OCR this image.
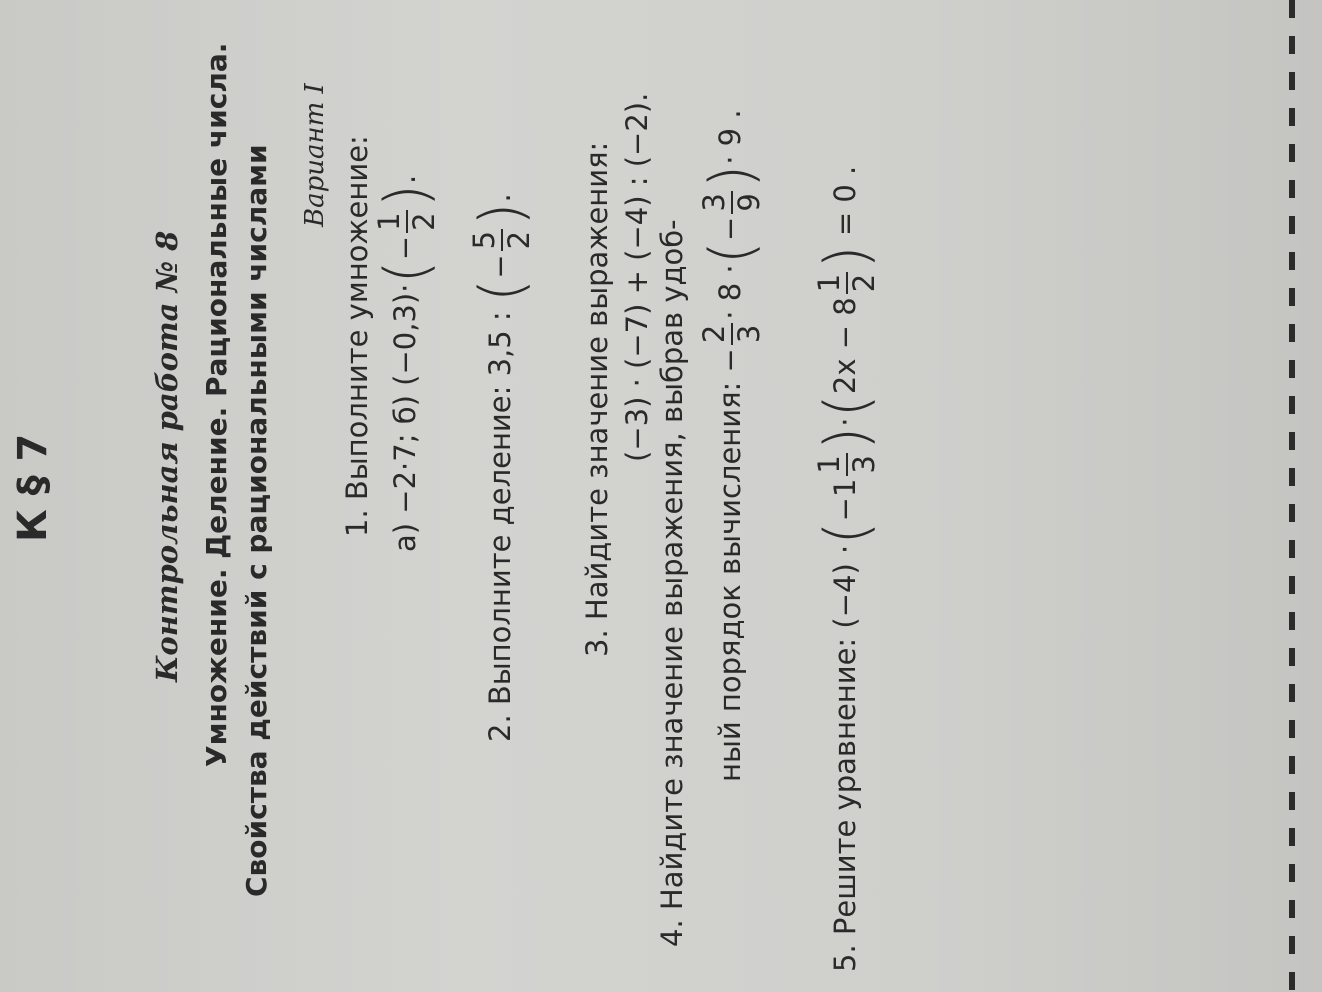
К § 7	Контрольная работа № 8 Умножение. Деление. Рациональные числа. Свойства действий с рациональными числами Вариант I 1. Выполните умножение: а) −2·7; б) (−0,3)·(−
1 2
).
2. Выполните деление: 3,5 : (−
5 2
).	3. Найдите значение выражения: (−3) · (−7) + (−4) : (−2). 4. Найдите значение выражения, выбрав удоб- ный порядок вычисления: −
2 3
· 8 ·(−
3 9
)· 9 .
5. Решите уравнение: (−4) ·(−1
1 3
)·(2x − 8
1 2
) = 0 .
